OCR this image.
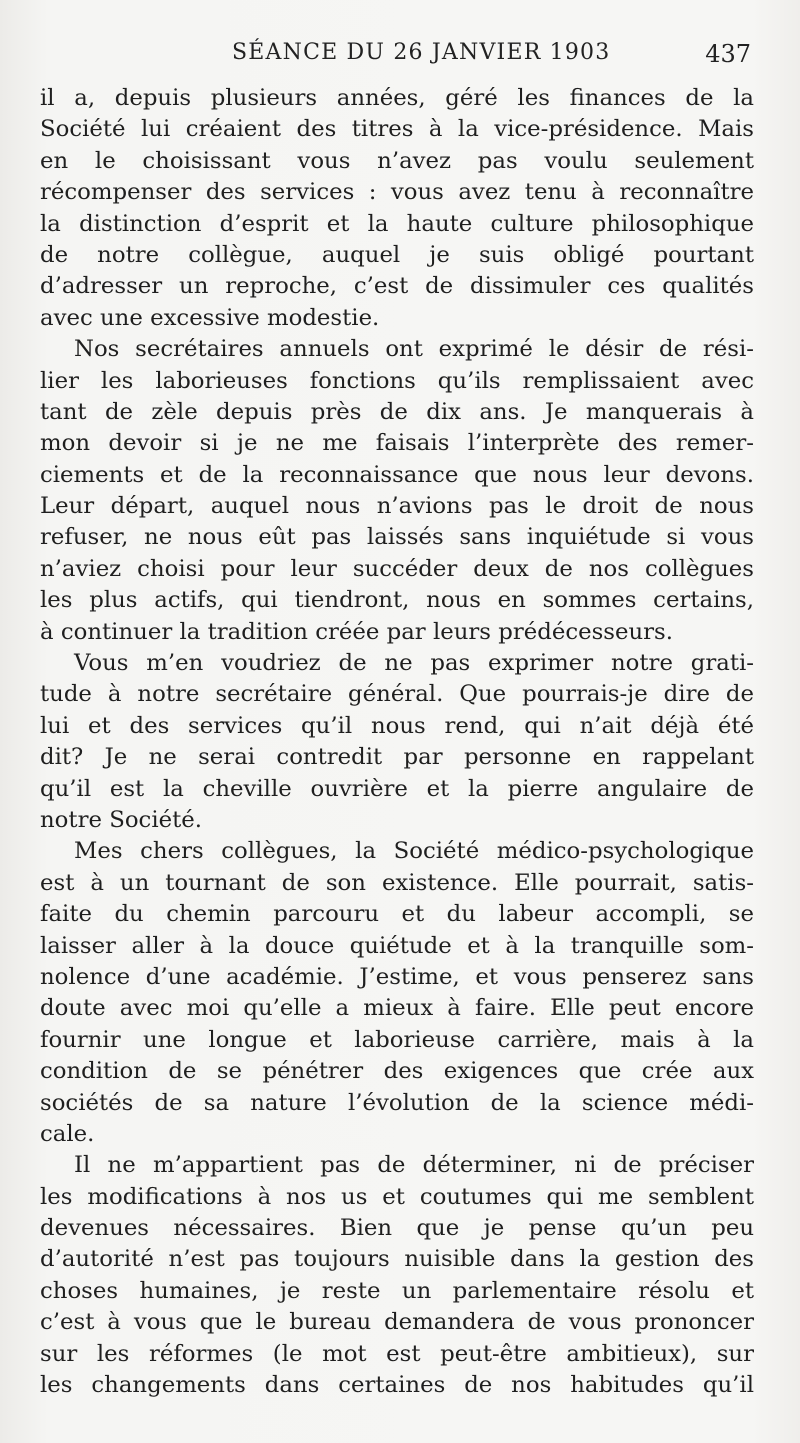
SÉANCE DU 26 JANVIER 1903	437
il a, depuis plusieurs années, géré les finances de la
Société lui créaient des titres à la vice-présidence. Mais
en le choisissant vous n’avez pas voulu seulement
récompenser des services : vous avez tenu à reconnaître
la distinction d’esprit et la haute culture philosophique
de notre collègue, auquel je suis obligé pourtant
d’adresser un reproche, c’est de dissimuler ces qualités
avec une excessive modestie.
Nos secrétaires annuels ont exprimé le désir de rési-
lier les laborieuses fonctions qu’ils remplissaient avec
tant de zèle depuis près de dix ans. Je manquerais à
mon devoir si je ne me faisais l’interprète des remer-
ciements et de la reconnaissance que nous leur devons.
Leur départ, auquel nous n’avions pas le droit de nous
refuser, ne nous eût pas laissés sans inquiétude si vous
n’aviez choisi pour leur succéder deux de nos collègues
les plus actifs, qui tiendront, nous en sommes certains,
à continuer la tradition créée par leurs prédécesseurs.
Vous m’en voudriez de ne pas exprimer notre grati-
tude à notre secrétaire général. Que pourrais-je dire de
lui et des services qu’il nous rend, qui n’ait déjà été
dit? Je ne serai contredit par personne en rappelant
qu’il est la cheville ouvrière et la pierre angulaire de
notre Société.
Mes chers collègues, la Société médico-psychologique
est à un tournant de son existence. Elle pourrait, satis-
faite du chemin parcouru et du labeur accompli, se
laisser aller à la douce quiétude et à la tranquille som-
nolence d’une académie. J’estime, et vous penserez sans
doute avec moi qu’elle a mieux à faire. Elle peut encore
fournir une longue et laborieuse carrière, mais à la
condition de se pénétrer des exigences que crée aux
sociétés de sa nature l’évolution de la science médi-
cale.
Il ne m’appartient pas de déterminer, ni de préciser
les modifications à nos us et coutumes qui me semblent
devenues nécessaires. Bien que je pense qu’un peu
d’autorité n’est pas toujours nuisible dans la gestion des
choses humaines, je reste un parlementaire résolu et
c’est à vous que le bureau demandera de vous prononcer
sur les réformes (le mot est peut-être ambitieux), sur
les changements dans certaines de nos habitudes qu’il
